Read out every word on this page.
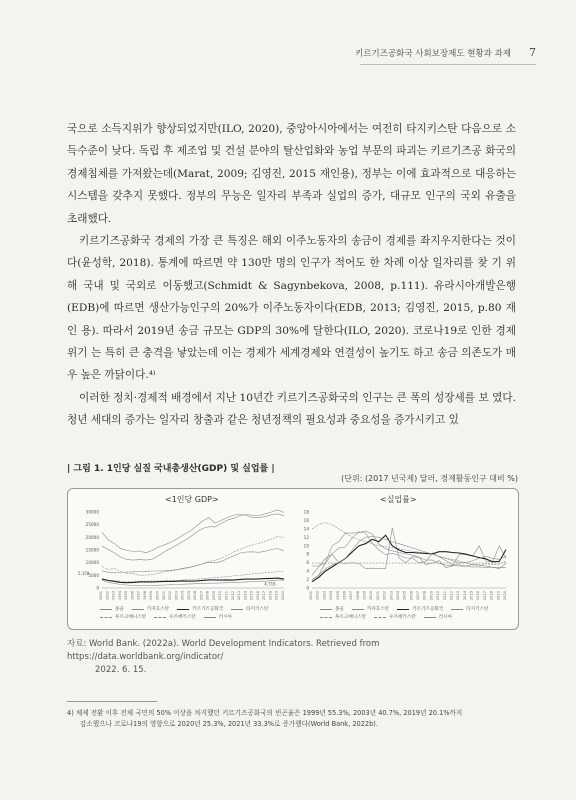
키르기즈공화국 사회보장제도 현황과 과제 7

국으로 소득지위가 향상되었지만(ILO, 2020), 중앙아시아에서는 여전히 타지키스탄 다음으로 소득수준이 낮다. 독립 후 제조업 및 건설 분야의 탈산업화와 농업 부문의 파괴는 키르기즈공 화국의 경제침체를 가져왔는데(Marat, 2009; 김영진, 2015 재인용), 정부는 이에 효과적으로 대응하는 시스템을 갖추지 못했다. 정부의 무능은 일자리 부족과 실업의 증가, 대규모 인구의 국외 유출을 초래했다.

키르기즈공화국 경제의 가장 큰 특징은 해외 이주노동자의 송금이 경제를 좌지우지한다는 것이다(윤성학, 2018). 통계에 따르면 약 130만 명의 인구가 적어도 한 차례 이상 일자리를 찾 기 위해 국내 및 국외로 이동했고(Schmidt & Sagynbekova, 2008, p.111). 유라시아개발은행 (EDB)에 따르면 생산가능인구의 20%가 이주노동자이다(EDB, 2013; 김영진, 2015, p.80 재인 용). 따라서 2019년 송금 규모는 GDP의 30%에 달한다(ILO, 2020). 코로나19로 인한 경제위기 는 특히 큰 충격을 낳았는데 이는 경제가 세계경제와 연결성이 높기도 하고 송금 의존도가 매 우 높은 까닭이다.⁴⁾

이러한 정치·경제적 배경에서 지난 10년간 키르기즈공화국의 인구는 큰 폭의 성장세를 보 였다. 청년 세대의 증가는 일자리 창출과 같은 청년정책의 필요성과 중요성을 증가시키고 있

| 그림 1. 1인당 실질 국내총생산(GDP) 및 실업률 |
(단위: (2017 년국제) 달러, 경제활동인구 대비 %)
<1인당 GDP>	<실업률>
30000
25000
20000
15000
10000
5000
0
1991 1992 1993 1994 1995 1996 1997 1998 1999 2000 2001 2002 2003 2004 2005 2006 2007 2008 2009 2010 2011 2012 2013 2014 2015 2016 2017 2018 2019 2020
5,158
4,716
18
16
14
12
10
8
6
4
2
0
1991 1992 1993 1994 1995 1996 1997 1998 1999 2000 2001 2002 2003 2004 2005 2006 2007 2008 2009 2010 2011 2012 2013 2014 2015 2016 2017 2018 2019 2020
몽골	카자흐스탄	키르기즈공화국	타지키스탄
투르크메니스탄	우즈베키스탄	러시아
몽골	카자흐스탄	키르기즈공화국	타지키스탄
투르크메니스탄	우즈베키스탄	러시아
자료: World Bank. (2022a). World Development Indicators. Retrieved from https://data.worldbank.org/indicator/
2022. 6. 15.
4) 체제 전환 이후 전체 국민의 50% 이상을 차지했던 키르기즈공화국의 빈곤율은 1999년 55.3%, 2003년 40.7%, 2019년 20.1%까지
감소했으나 코로나19의 영향으로 2020년 25.3%, 2021년 33.3%로 증가했다(World Bank, 2022b).
